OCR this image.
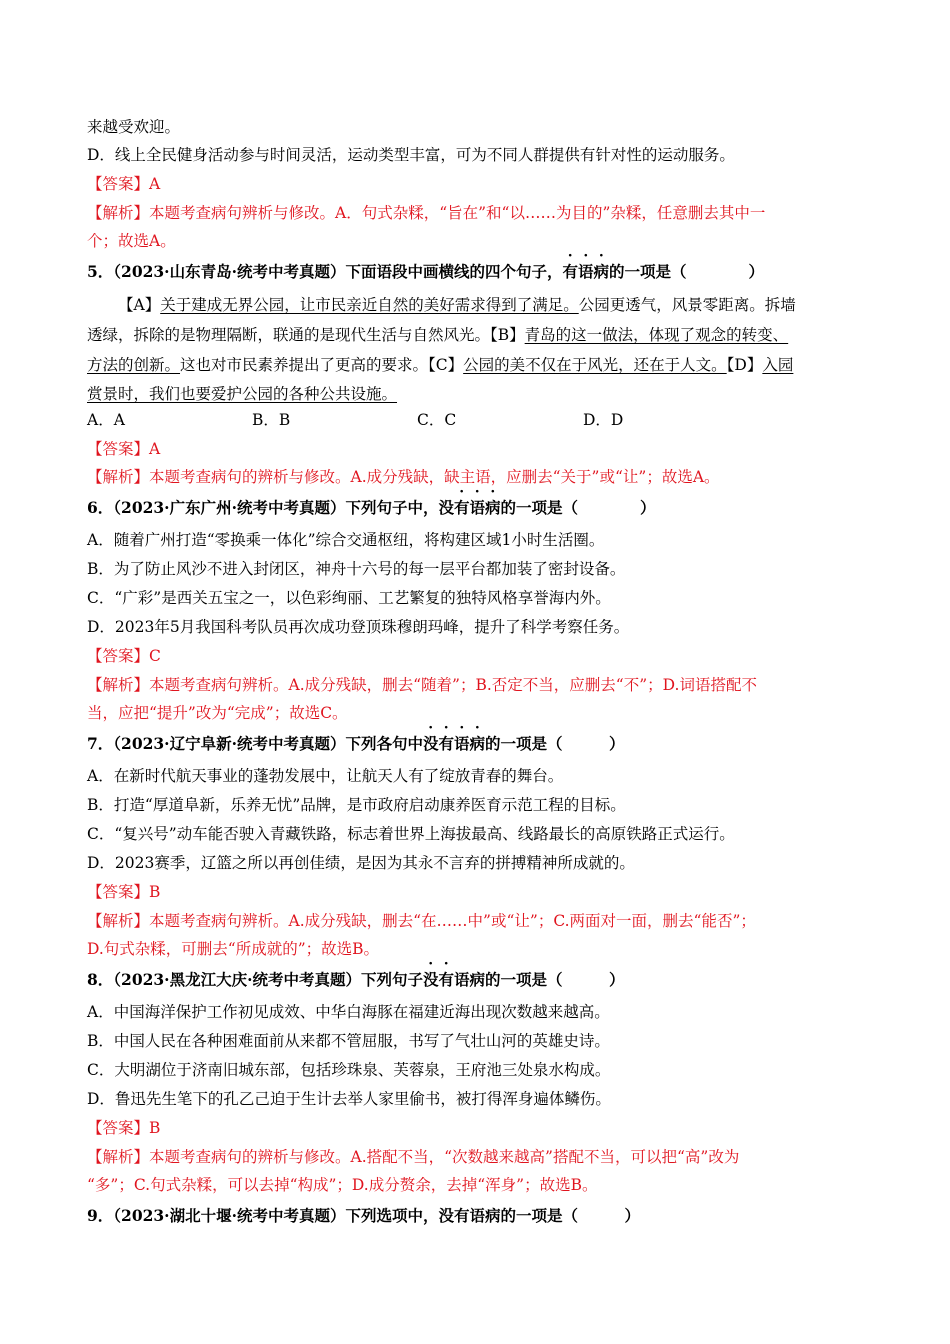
来越受欢迎。
D．线上全民健身活动参与时间灵活，运动类型丰富，可为不同人群提供有针对性的运动服务。
【答案】A
【解析】本题考查病句辨析与修改。A．句式杂糅，“旨在”和“以……为目的”杂糅，任意删去其中一
个；故选A。
5．（2023·山东青岛·统考中考真题）下面语段中画横线的四个句子，有语病的一项是（　　　　）
【A】关于建成无界公园，让市民亲近自然的美好需求得到了满足。公园更透气，风景零距离。拆墙
透绿，拆除的是物理隔断，联通的是现代生活与自然风光。【B】青岛的这一做法，体现了观念的转变、
方法的创新。这也对市民素养提出了更高的要求。【C】公园的美不仅在于风光，还在于人文。【D】入园
赏景时，我们也要爱护公园的各种公共设施。
A．A	B．B	C．C	D．D
【答案】A
【解析】本题考查病句的辨析与修改。A.成分残缺，缺主语，应删去“关于”或“让”；故选A。
6．（2023·广东广州·统考中考真题）下列句子中，没有语病的一项是（　　　　）
A．随着广州打造“零换乘一体化”综合交通枢纽，将构建区域1小时生活圈。
B．为了防止风沙不进入封闭区，神舟十六号的每一层平台都加装了密封设备。
C．“广彩”是西关五宝之一，以色彩绚丽、工艺繁复的独特风格享誉海内外。
D．2023年5月我国科考队员再次成功登顶珠穆朗玛峰，提升了科学考察任务。
【答案】C
【解析】本题考查病句辨析。A.成分残缺，删去“随着”；B.否定不当，应删去“不”；D.词语搭配不
当，应把“提升”改为“完成”；故选C。
7．（2023·辽宁阜新·统考中考真题）下列各句中没有语病的一项是（　　　）
A．在新时代航天事业的蓬勃发展中，让航天人有了绽放青春的舞台。
B．打造“厚道阜新，乐养无忧”品牌，是市政府启动康养医育示范工程的目标。
C．“复兴号”动车能否驶入青藏铁路，标志着世界上海拔最高、线路最长的高原铁路正式运行。
D．2023赛季，辽篮之所以再创佳绩，是因为其永不言弃的拼搏精神所成就的。
【答案】B
【解析】本题考查病句辨析。A.成分残缺，删去“在……中”或“让”；C.两面对一面，删去“能否”；
D.句式杂糅，可删去“所成就的”；故选B。
8．（2023·黑龙江大庆·统考中考真题）下列句子没有语病的一项是（　　　）
A．中国海洋保护工作初见成效、中华白海豚在福建近海出现次数越来越高。
B．中国人民在各种困难面前从来都不管屈服，书写了气壮山河的英雄史诗。
C．大明湖位于济南旧城东部，包括珍珠泉、芙蓉泉，王府池三处泉水构成。
D．鲁迅先生笔下的孔乙己迫于生计去举人家里偷书，被打得浑身遍体鳞伤。
【答案】B
【解析】本题考查病句的辨析与修改。A.搭配不当，“次数越来越高”搭配不当，可以把“高”改为
“多”；C.句式杂糅，可以去掉“构成”；D.成分赘余，去掉“浑身”；故选B。
9．（2023·湖北十堰·统考中考真题）下列选项中，没有语病的一项是（　　　）
